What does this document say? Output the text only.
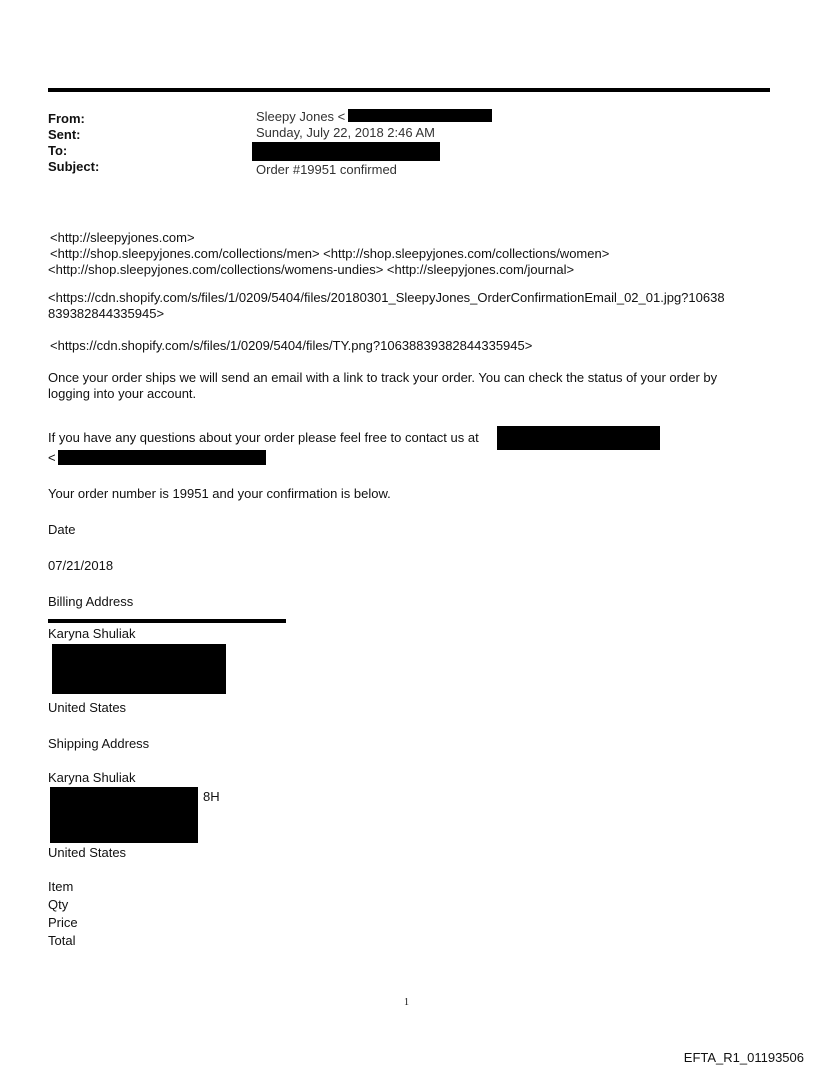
From:	Sleepy Jones <
Sent:	Sunday, July 22, 2018 2:46 AM
To:
Subject:	Order #19951 confirmed
<http://sleepyjones.com>
<http://shop.sleepyjones.com/collections/men> <http://shop.sleepyjones.com/collections/women>
<http://shop.sleepyjones.com/collections/womens-undies> <http://sleepyjones.com/journal>
<https://cdn.shopify.com/s/files/1/0209/5404/files/20180301_SleepyJones_OrderConfirmationEmail_02_01.jpg?10638
839382844335945>
<https://cdn.shopify.com/s/files/1/0209/5404/files/TY.png?10638839382844335945>
Once your order ships we will send an email with a link to track your order. You can check the status of your order by
logging into your account.
If you have any questions about your order please feel free to contact us at
<
Your order number is 19951 and your confirmation is below.
Date
07/21/2018
Billing Address
Karyna Shuliak
United States
Shipping Address
Karyna Shuliak
8H
United States
Item
Qty
Price
Total
1
EFTA_R1_01193506
